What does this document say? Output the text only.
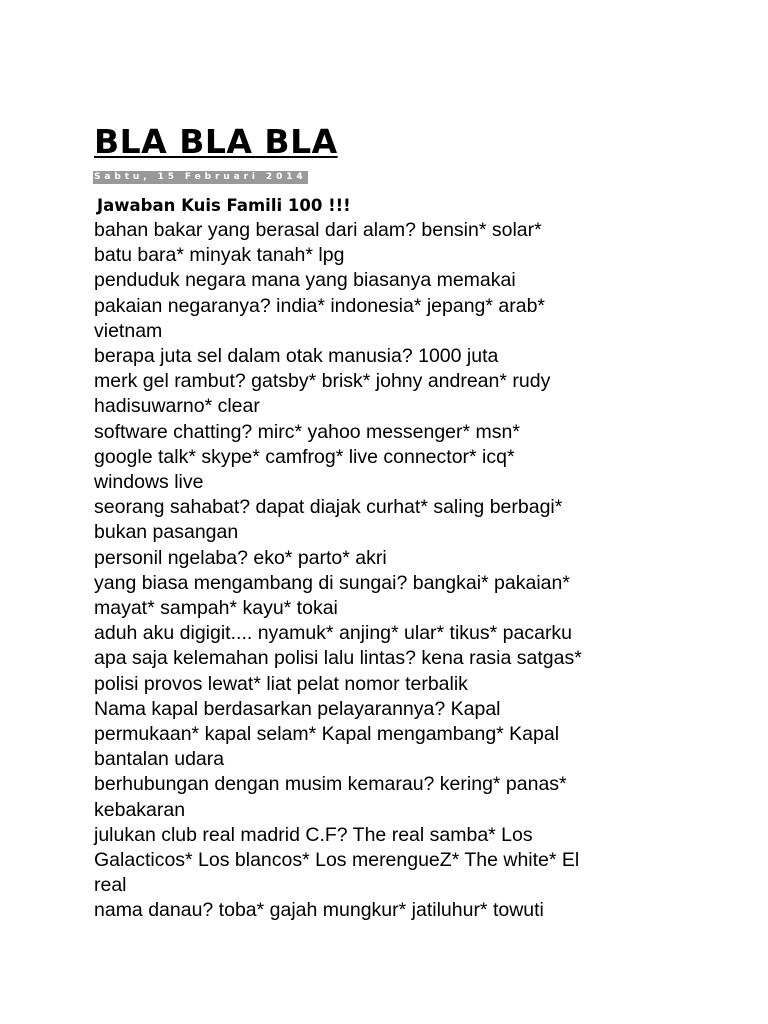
BLA BLA BLA
Sabtu, 15 Februari 2014
Jawaban Kuis Famili 100 !!!
bahan bakar yang berasal dari alam? bensin* solar*
batu bara* minyak tanah* lpg
penduduk negara mana yang biasanya memakai
pakaian negaranya? india* indonesia* jepang* arab*
vietnam
berapa juta sel dalam otak manusia? 1000 juta
merk gel rambut? gatsby* brisk* johny andrean* rudy
hadisuwarno* clear
software chatting? mirc* yahoo messenger* msn*
google talk* skype* camfrog* live connector* icq*
windows live
seorang sahabat? dapat diajak curhat* saling berbagi*
bukan pasangan
personil ngelaba? eko* parto* akri
yang biasa mengambang di sungai? bangkai* pakaian*
mayat* sampah* kayu* tokai
aduh aku digigit.... nyamuk* anjing* ular* tikus* pacarku
apa saja kelemahan polisi lalu lintas? kena rasia satgas*
polisi provos lewat* liat pelat nomor terbalik
Nama kapal berdasarkan pelayarannya? Kapal
permukaan* kapal selam* Kapal mengambang* Kapal
bantalan udara
berhubungan dengan musim kemarau? kering* panas*
kebakaran
julukan club real madrid C.F? The real samba* Los
Galacticos* Los blancos* Los merengueZ* The white* El
real
nama danau? toba* gajah mungkur* jatiluhur* towuti
